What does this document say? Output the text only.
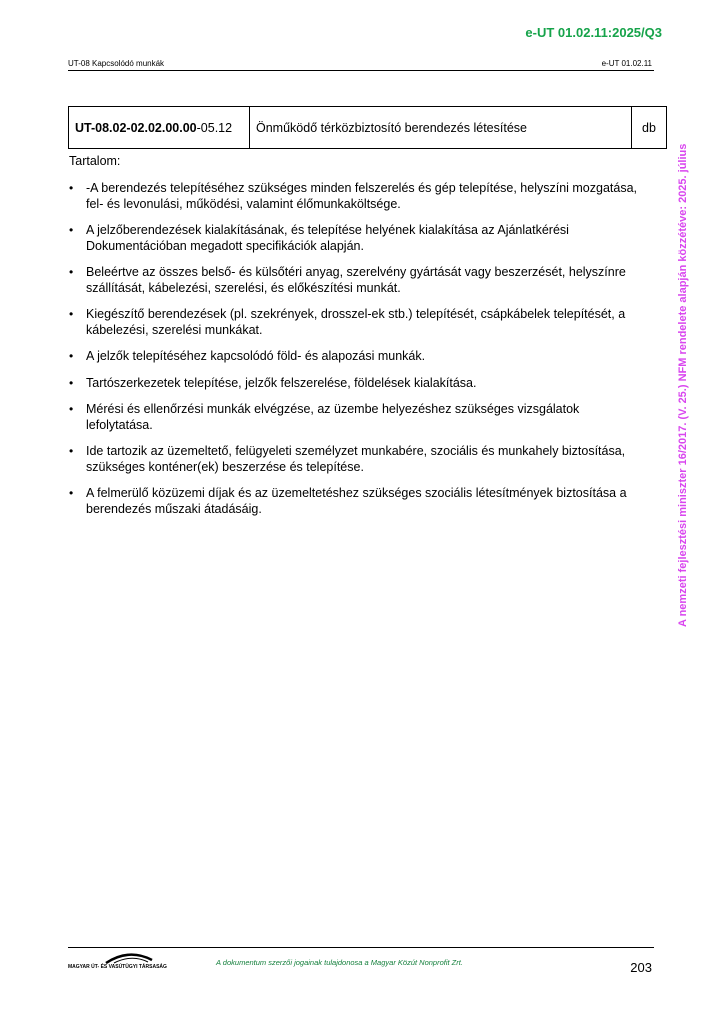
e-UT 01.02.11:2025/Q3
UT-08 Kapcsolódó munkák	e-UT 01.02.11
UT-08.02-02.02.00.00-05.12	Önműködő térközbiztosító berendezés létesítése	db
Tartalom:
• -A berendezés telepítéséhez szükséges minden felszerelés és gép telepítése, helyszíni mozgatása, fel- és levonulási, működési, valamint élőmunkaköltsége.
• A jelzőberendezések kialakításának, és telepítése helyének kialakítása az Ajánlatkérési Dokumentációban megadott specifikációk alapján.
• Beleértve az összes belső- és külsőtéri anyag, szerelvény gyártását vagy beszerzését, helyszínre szállítását, kábelezési, szerelési, és előkészítési munkát.
• Kiegészítő berendezések (pl. szekrények, drosszel-ek stb.) telepítését, csápkábelek telepítését, a kábelezési, szerelési munkákat.
• A jelzők telepítéséhez kapcsolódó föld- és alapozási munkák.
• Tartószerkezetek telepítése, jelzők felszerelése, földelések kialakítása.
• Mérési és ellenőrzési munkák elvégzése, az üzembe helyezéshez szükséges vizsgálatok lefolytatása.
• Ide tartozik az üzemeltető, felügyeleti személyzet munkabére, szociális és munkahely biztosítása, szükséges konténer(ek) beszerzése és telepítése.
• A felmerülő közüzemi díjak és az üzemeltetéshez szükséges szociális létesítmények biztosítása a berendezés műszaki átadásáig.	A nemzeti fejlesztési miniszter 16/2017. (V. 25.) NFM rendelete alapján közzétéve: 2025. július
MAGYAR ÚT- ÉS VASÚTÜGYI TÁRSASÁG	A dokumentum szerzői jogainak tulajdonosa a Magyar Közút Nonprofit Zrt.	203
